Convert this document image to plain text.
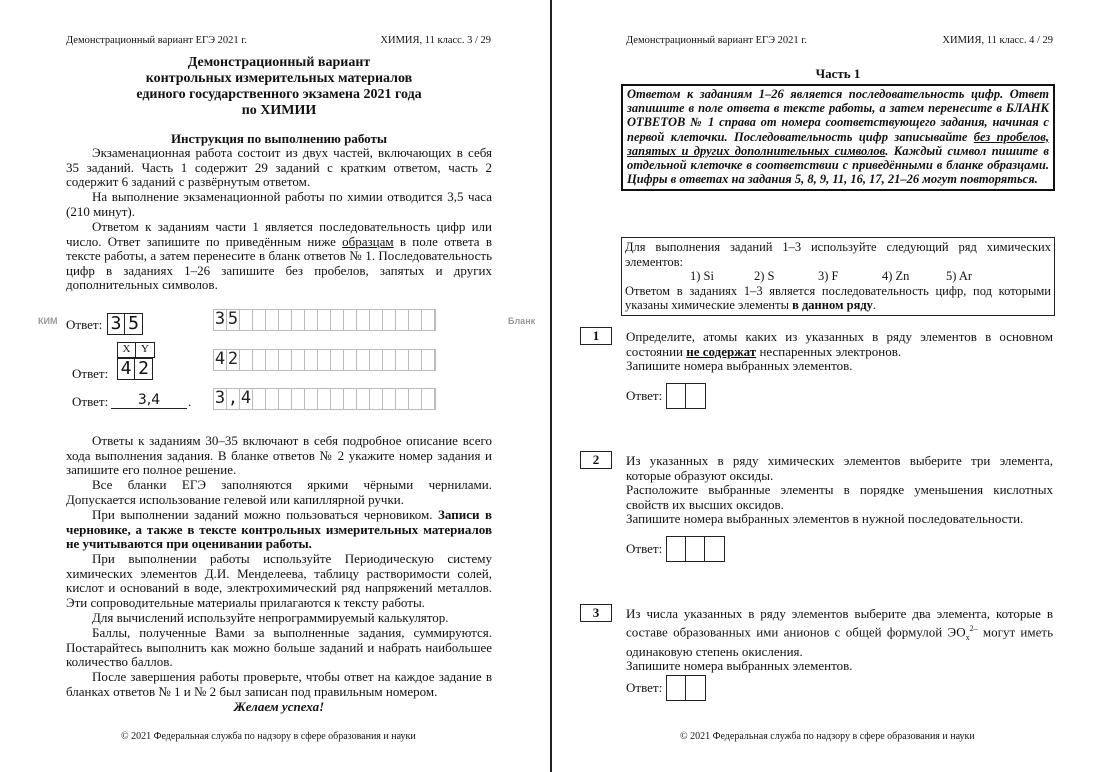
Демонстрационный вариант ЕГЭ 2021 г.	ХИМИЯ, 11 класс. 3 / 29
Демонстрационный вариант
контрольных измерительных материалов
единого государственного экзамена 2021 года
по ХИМИИ
Инструкция по выполнению работы
Экзаменационная работа состоит из двух частей, включающих в себя 35 заданий. Часть 1 содержит 29 заданий с кратким ответом, часть 2 содержит 6 заданий с развёрнутым ответом.
На выполнение экзаменационной работы по химии отводится 3,5 часа (210 минут).
Ответом к заданиям части 1 является последовательность цифр или число. Ответ запишите по приведённым ниже образцам в поле ответа в тексте работы, а затем перенесите в бланк ответов № 1. Последовательность цифр в заданиях 1–26 запишите без пробелов, запятых и других дополнительных символов.
КИМ	Бланк
Ответ: 3 5
X Y
Ответ: 4 2
Ответ:	3,4	.
3 5
4 2
3 , 4
Ответы к заданиям 30–35 включают в себя подробное описание всего хода выполнения задания. В бланке ответов № 2 укажите номер задания и запишите его полное решение.
Все бланки ЕГЭ заполняются яркими чёрными чернилами. Допускается использование гелевой или капиллярной ручки.
При выполнении заданий можно пользоваться черновиком. Записи в черновике, а также в тексте контрольных измерительных материалов не учитываются при оценивании работы.
При выполнении работы используйте Периодическую систему химических элементов Д.И. Менделеева, таблицу растворимости солей, кислот и оснований в воде, электрохимический ряд напряжений металлов. Эти сопроводительные материалы прилагаются к тексту работы.
Для вычислений используйте непрограммируемый калькулятор.
Баллы, полученные Вами за выполненные задания, суммируются. Постарайтесь выполнить как можно больше заданий и набрать наибольшее количество баллов.
После завершения работы проверьте, чтобы ответ на каждое задание в бланках ответов № 1 и № 2 был записан под правильным номером.
Желаем успеха!
© 2021 Федеральная служба по надзору в сфере образования и науки
Демонстрационный вариант ЕГЭ 2021 г.	ХИМИЯ, 11 класс. 4 / 29
Часть 1
Ответом к заданиям 1–26 является последовательность цифр. Ответ запишите в поле ответа в тексте работы, а затем перенесите в БЛАНК ОТВЕТОВ № 1 справа от номера соответствующего задания, начиная с первой клеточки. Последовательность цифр записывайте без пробелов, запятых и других дополнительных символов. Каждый символ пишите в отдельной клеточке в соответствии с приведёнными в бланке образцами. Цифры в ответах на задания 5, 8, 9, 11, 16, 17, 21–26 могут повторяться.
Для выполнения заданий 1–3 используйте следующий ряд химических элементов:
1) Si	2) S	3) F	4) Zn	5) Ar
Ответом в заданиях 1–3 является последовательность цифр, под которыми указаны химические элементы в данном ряду.
1	Определите, атомы каких из указанных в ряду элементов в основном состоянии не содержат неспаренных электронов.
Запишите номера выбранных элементов.
Ответ:
2	Из указанных в ряду химических элементов выберите три элемента, которые образуют оксиды.
Расположите выбранные элементы в порядке уменьшения кислотных свойств их высших оксидов.
Запишите номера выбранных элементов в нужной последовательности.
Ответ:
3	Из числа указанных в ряду элементов выберите два элемента, которые в составе образованных ими анионов с общей формулой $ЭО_x^{2-}$ могут иметь одинаковую степень окисления.
Запишите номера выбранных элементов.
Ответ:
© 2021 Федеральная служба по надзору в сфере образования и науки
